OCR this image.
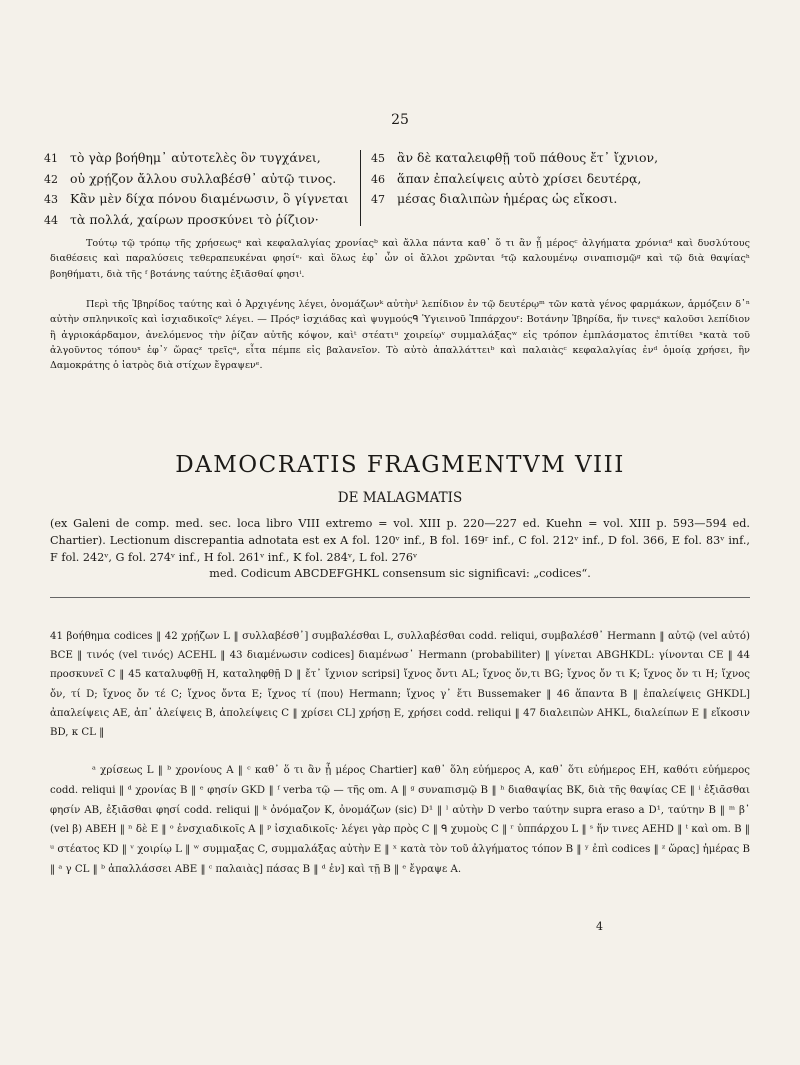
25
41 τὸ γὰρ βοήθημ᾽ αὐτοτελὲς ὃν τυγχάνει,
42 οὐ χρῄζον ἄλλου συλλαβέσθ᾽ αὐτῷ τινος.
43 Κἂν μὲν δίχα πόνου διαμένωσιν, ὃ γίγνεται
44 τὰ πολλά, χαίρων προσκύνει τὸ ῥίζιον·
45 ἂν δὲ καταλειφθῇ τοῦ πάθους ἔτ᾽ ἴχνιον,
46 ἅπαν ἐπαλείψεις αὐτὸ χρίσει δευτέρᾳ,
47 μέσας διαλιπὼν ἡμέρας ὡς εἴκοσι.

Τούτῳ τῷ τρόπῳ τῆς χρήσεωςᵃ καὶ κεφαλαλγίας χρονίαςᵇ καὶ ἄλλα πάντα καθ᾽ ὅ τι ἂν ᾖ μέροςᶜ ἀλγήματα χρόνιαᵈ καὶ δυσλύτους διαθέσεις καὶ παραλύσεις τεθεραπευκέναι φησίᵉ· καὶ ὅλως ἐφ᾽ ὧν οἱ ἄλλοι χρῶνται ᶠτῷ καλουμένῳ σιναπισμῷᵍ καὶ τῷ διὰ θαψίαςʰ βοηθήματι, διὰ τῆς ᶠ βοτάνης ταύτης ἐξιᾶσθαί φησιⁱ.

Περὶ τῆς Ἰβηρίδος ταύτης καὶ ὁ Ἀρχιγένης λέγει, ὀνομάζωνᵏ αὐτὴνˡ λεπίδιον ἐν τῷ δευτέρῳᵐ τῶν κατὰ γένος φαρμάκων, ἁρμόζειν δ᾽ⁿ αὐτὴν σπληνικοῖς καὶ ἰσχιαδικοῖςᵒ λέγει. — Πρόςᵖ ἰσχιάδας καὶ ψυγμούςᑫ Ὑγιεινοῦ Ἱππάρχουʳ: Βοτάνην Ἰβηρίδα, ἥν τινεςˢ καλοῦσι λεπίδιον ἢ ἀγριοκάρδαμον, ἀνελόμενος τὴν ῥίζαν αὐτῆς κόψον, καὶᵗ στέατιᵘ χοιρείῳᵛ συμμαλάξαςʷ εἰς τρόπον ἐμπλάσματος ἐπιτίθει ˣκατὰ τοῦ ἀλγοῦντος τόπουˣ ἐφ᾽ʸ ὥραςᶻ τρεῖςᵃ, εἶτα πέμπε εἰς βαλανεῖον. Τὸ αὐτὸ ἀπαλλάττειᵇ καὶ παλαιὰςᶜ κεφαλαλγίας ἐνᵈ ὁμοίᾳ χρήσει, ἣν Δαμοκράτης ὁ ἰατρὸς διὰ στίχων ἔγραψενᵉ.

DAMOCRATIS FRAGMENTVM VIII
DE MALAGMATIS
(ex Galeni de comp. med. sec. loca libro VIII extremo = vol. XIII p. 220—227 ed. Kuehn = vol. XIII p. 593—594 ed. Chartier). Lectionum discrepantia adnotata est ex A fol. 120ᵛ inf., B fol. 169ʳ inf., C fol. 212ᵛ inf., D fol. 366, E fol. 83ᵛ inf., F fol. 242ᵛ, G fol. 274ᵛ inf., H fol. 261ᵛ inf., K fol. 284ᵛ, L fol. 276ᵛ
med. Codicum ABCDEFGHKL consensum sic significavi: „codices“.

41 βοήθημα codices ‖ 42 χρῄζων L ‖ συλλαβέσθ᾽] συμβαλέσθαι L, συλλαβέσθαι codd. reliqui, συμβαλέσθ᾽ Hermann ‖ αὐτῷ (vel αὐτό) BCE ‖ τινός (vel τινός) ACEHL ‖ 43 διαμένωσιν codices] διαμένωσ᾽ Hermann (probabiliter) ‖ γίνεται ABGHKDL: γίνονται CE ‖ 44 προσκυνεῖ C ‖ 45 καταλυφθῇ H, καταληφθῇ D ‖ ἔτ᾽ ἴχνιον scripsi] ἴχνος ὄντι AL; ἴχνος ὄν,τι BG; ἴχνος ὄν τι K; ἴχνος ὄν τι H; ἴχνος ὄν, τί D; ἴχνος ὄν τέ C; ἴχνος ὄντα E; ἴχνος τί ⟨που⟩ Hermann; ἴχνος γ᾽ ἔτι Bussemaker ‖ 46 ἅπαντα B ‖ ἐπαλείψεις GHKDL] ἀπαλείψεις AE, ἀπ᾽ ἀλείψεις B, ἀπολείψεις C ‖ χρίσει CL] χρήσῃ E, χρήσει codd. reliqui ‖ 47 διαλειπὼν AHKL, διαλείπων E ‖ εἴκοσιν BD, κ CL ‖

ᵃ χρίσεως L ‖ ᵇ χρονίους A ‖ ᶜ καθ᾽ ὅ τι ἂν ᾖ μέρος Chartier] καθ᾽ ὅλη εὐήμερος A, καθ᾽ ὅτι εὐήμερος EH, καθότι εὐήμερος codd. reliqui ‖ ᵈ χρονίας B ‖ ᵉ φησίν GKD ‖ ᶠ verba τῷ — τῆς om. A ‖ ᵍ συναπισμῷ B ‖ ʰ διαθαψίας BK, διὰ τῆς θαψίας CE ‖ ⁱ ἐξιᾶσθαι φησίν AB, ἐξιᾶσθαι φησί codd. reliqui ‖ ᵏ ὀνόμαζον K, ὀνομάζων (sic) D¹ ‖ ˡ αὐτὴν D verbo ταύτην supra eraso a D¹, ταύτην B ‖ ᵐ β᾽ (vel β) ABEH ‖ ⁿ δὲ E ‖ ᵒ ἐνσχιαδικοῖς A ‖ ᵖ ἰσχιαδικοῖς· λέγει γὰρ πρὸς C ‖ ᑫ χυμοὺς C ‖ ʳ ὑππάρχου L ‖ ˢ ἥν τινες AEHD ‖ ᵗ καὶ om. B ‖ ᵘ στέατος KD ‖ ᵛ χοιρίῳ L ‖ ʷ συμμαξας C, συμμαλάξας αὐτὴν E ‖ ˣ κατὰ τὸν τοῦ ἀλγήματος τόπον B ‖ ʸ ἐπὶ codices ‖ ᶻ ὥρας] ἡμέρας B ‖ ᵃ γ CL ‖ ᵇ ἀπαλλάσσει ABE ‖ ᶜ παλαιὰς] πάσας B ‖ ᵈ ἐν] καὶ τῇ B ‖ ᵉ ἔγραψε A.

4
